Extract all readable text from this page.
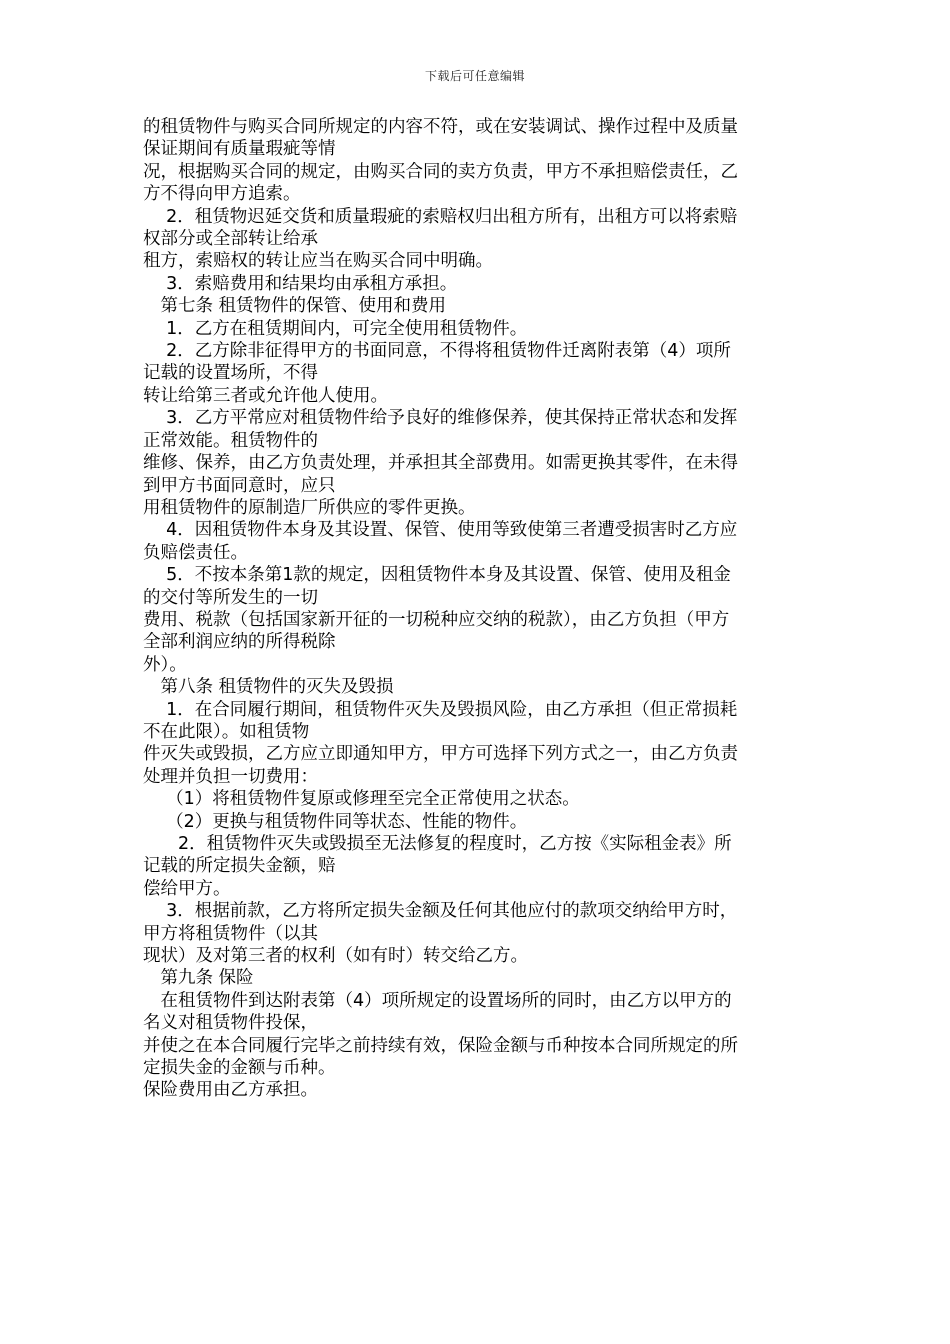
下载后可任意编辑
的租赁物件与购买合同所规定的内容不符，或在安装调试、操作过程中及质量
保证期间有质量瑕疵等情
况，根据购买合同的规定，由购买合同的卖方负责，甲方不承担赔偿责任，乙
方不得向甲方追索。
　 2．租赁物迟延交货和质量瑕疵的索赔权归出租方所有，出租方可以将索赔
权部分或全部转让给承
租方，索赔权的转让应当在购买合同中明确。
　 3．索赔费用和结果均由承租方承担。
　第七条 租赁物件的保管、使用和费用
　 1．乙方在租赁期间内，可完全使用租赁物件。
　 2．乙方除非征得甲方的书面同意，不得将租赁物件迁离附表第（4）项所
记载的设置场所，不得
转让给第三者或允许他人使用。
　 3．乙方平常应对租赁物件给予良好的维修保养，使其保持正常状态和发挥
正常效能。租赁物件的
维修、保养，由乙方负责处理，并承担其全部费用。如需更换其零件，在未得
到甲方书面同意时，应只
用租赁物件的原制造厂所供应的零件更换。
　 4．因租赁物件本身及其设置、保管、使用等致使第三者遭受损害时乙方应
负赔偿责任。
　 5．不按本条第1款的规定，因租赁物件本身及其设置、保管、使用及租金
的交付等所发生的一切
费用、税款（包括国家新开征的一切税种应交纳的税款），由乙方负担（甲方
全部利润应纳的所得税除
外）。
　第八条 租赁物件的灭失及毁损
　 1．在合同履行期间，租赁物件灭失及毁损风险，由乙方承担（但正常损耗
不在此限）。如租赁物
件灭失或毁损，乙方应立即通知甲方，甲方可选择下列方式之一，由乙方负责
处理并负担一切费用：
　 （1）将租赁物件复原或修理至完全正常使用之状态。
　 （2）更换与租赁物件同等状态、性能的物件。
　　2．租赁物件灭失或毁损至无法修复的程度时，乙方按《实际租金表》所
记载的所定损失金额，赔
偿给甲方。
　 3．根据前款，乙方将所定损失金额及任何其他应付的款项交纳给甲方时，
甲方将租赁物件（以其
现状）及对第三者的权利（如有时）转交给乙方。
　第九条 保险
　在租赁物件到达附表第（4）项所规定的设置场所的同时，由乙方以甲方的
名义对租赁物件投保，
并使之在本合同履行完毕之前持续有效，保险金额与币种按本合同所规定的所
定损失金的金额与币种。
保险费用由乙方承担。
